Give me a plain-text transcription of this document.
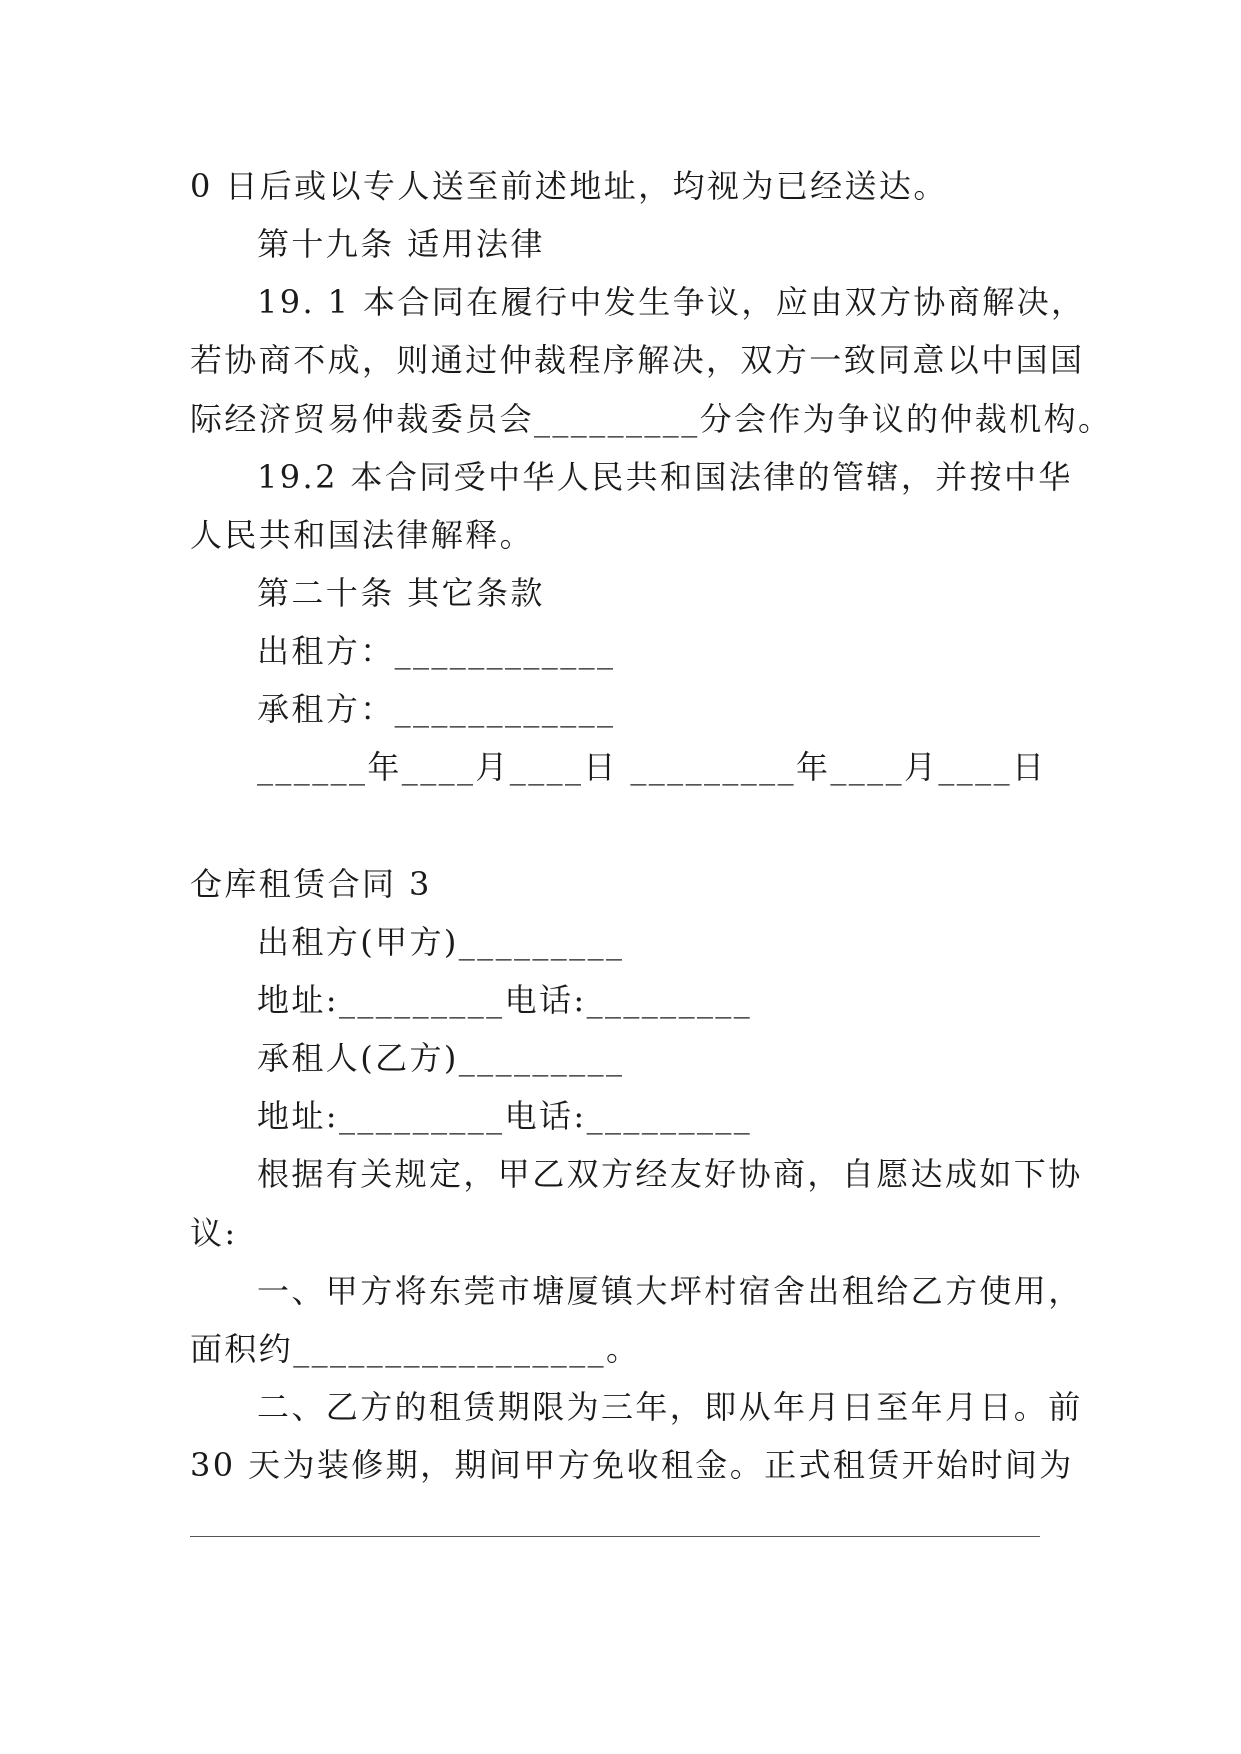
0 日后或以专人送至前述地址，均视为已经送达。
第十九条 适用法律
19. 1 本合同在履行中发生争议，应由双方协商解决，
若协商不成，则通过仲裁程序解决，双方一致同意以中国国
际经济贸易仲裁委员会_________分会作为争议的仲裁机构。
19.2 本合同受中华人民共和国法律的管辖，并按中华
人民共和国法律解释。
第二十条 其它条款
出租方：____________
承租方：____________
______年____月____日 _________年____月____日
仓库租赁合同 3
出租方(甲方)_________
地址:_________电话:_________
承租人(乙方)_________
地址:_________电话:_________
根据有关规定，甲乙双方经友好协商，自愿达成如下协
议:
一、甲方将东莞市塘厦镇大坪村宿舍出租给乙方使用，
面积约_________________。
二、乙方的租赁期限为三年，即从年月日至年月日。前
30 天为装修期，期间甲方免收租金。正式租赁开始时间为
